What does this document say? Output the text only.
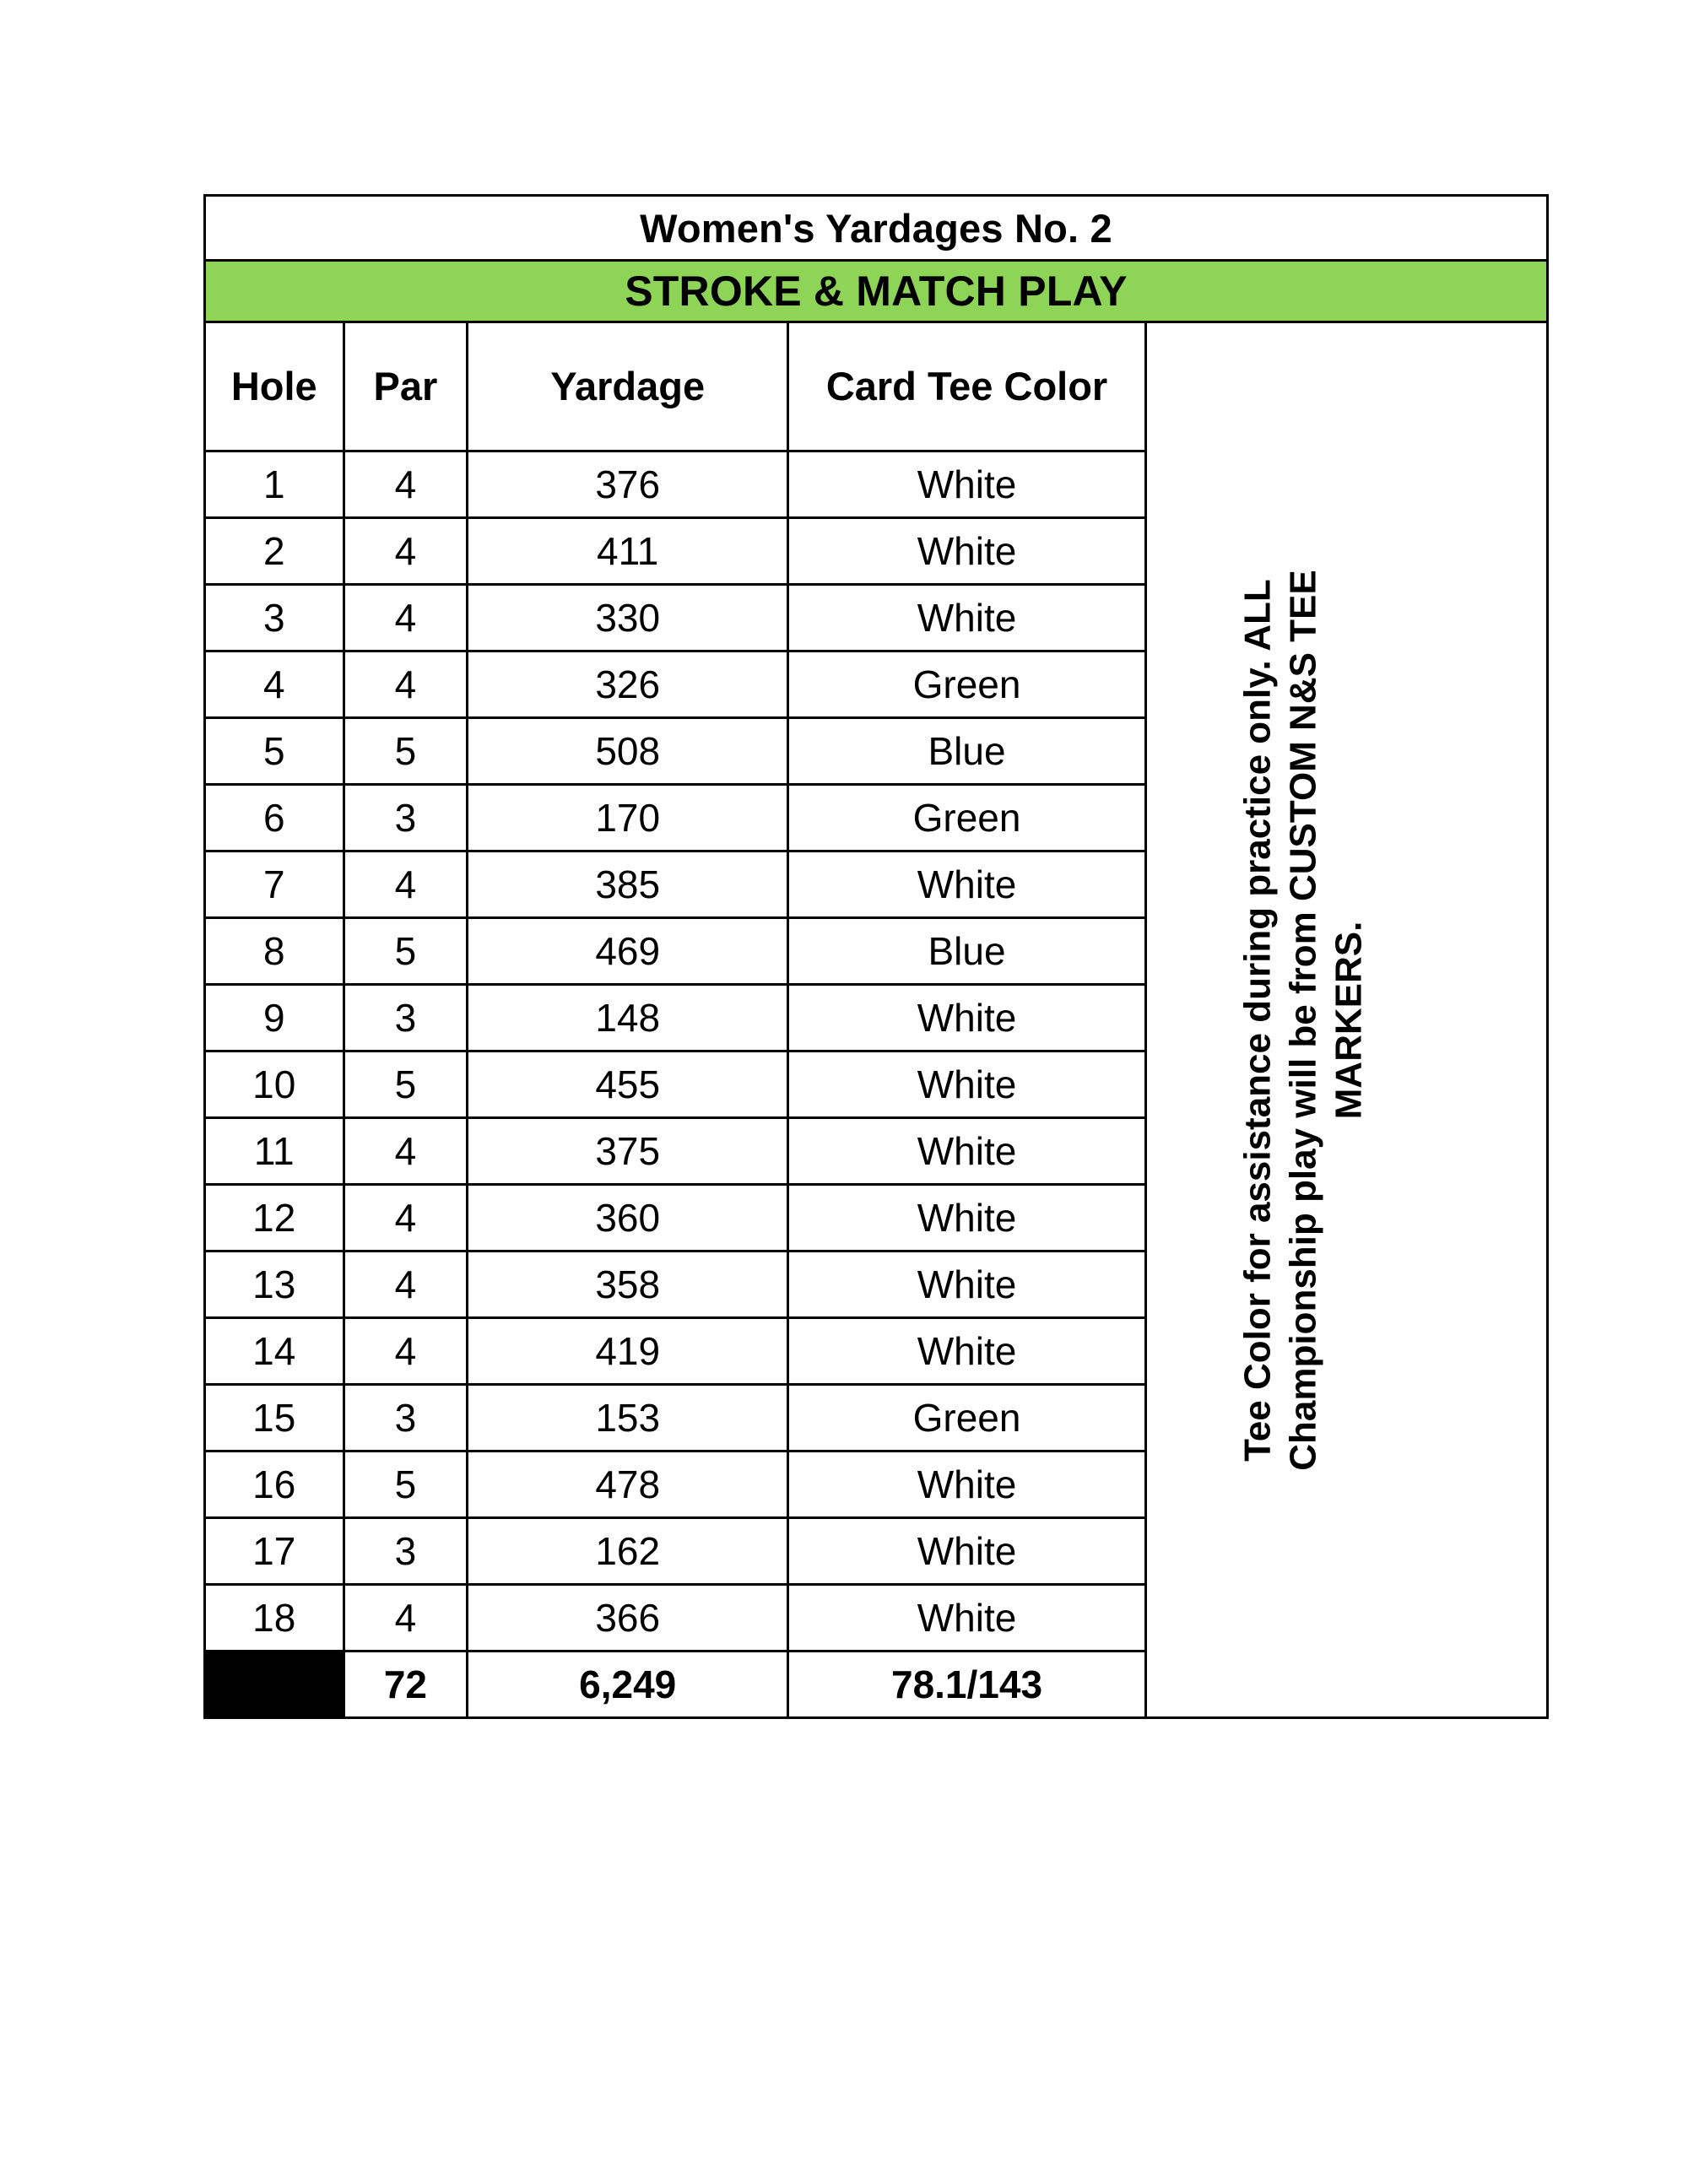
Women's Yardages No. 2				
STROKE & MATCH PLAY				
Hole	Par	Yardage	Card Tee Color	Tee Color for assistance during practice only. ALL Championship play will be from CUSTOM N&S TEE MARKERS.

1	4	376	White	
2	4	411	White	
3	4	330	White	
4	4	326	Green	
5	5	508	Blue	
6	3	170	Green	
7	4	385	White	
8	5	469	Blue	
9	3	148	White	
10	5	455	White	
11	4	375	White	
12	4	360	White	
13	4	358	White	
14	4	419	White	
15	3	153	Green	
16	5	478	White	
17	3	162	White	
18	4	366	White	
	72	6,249	78.1/143	
